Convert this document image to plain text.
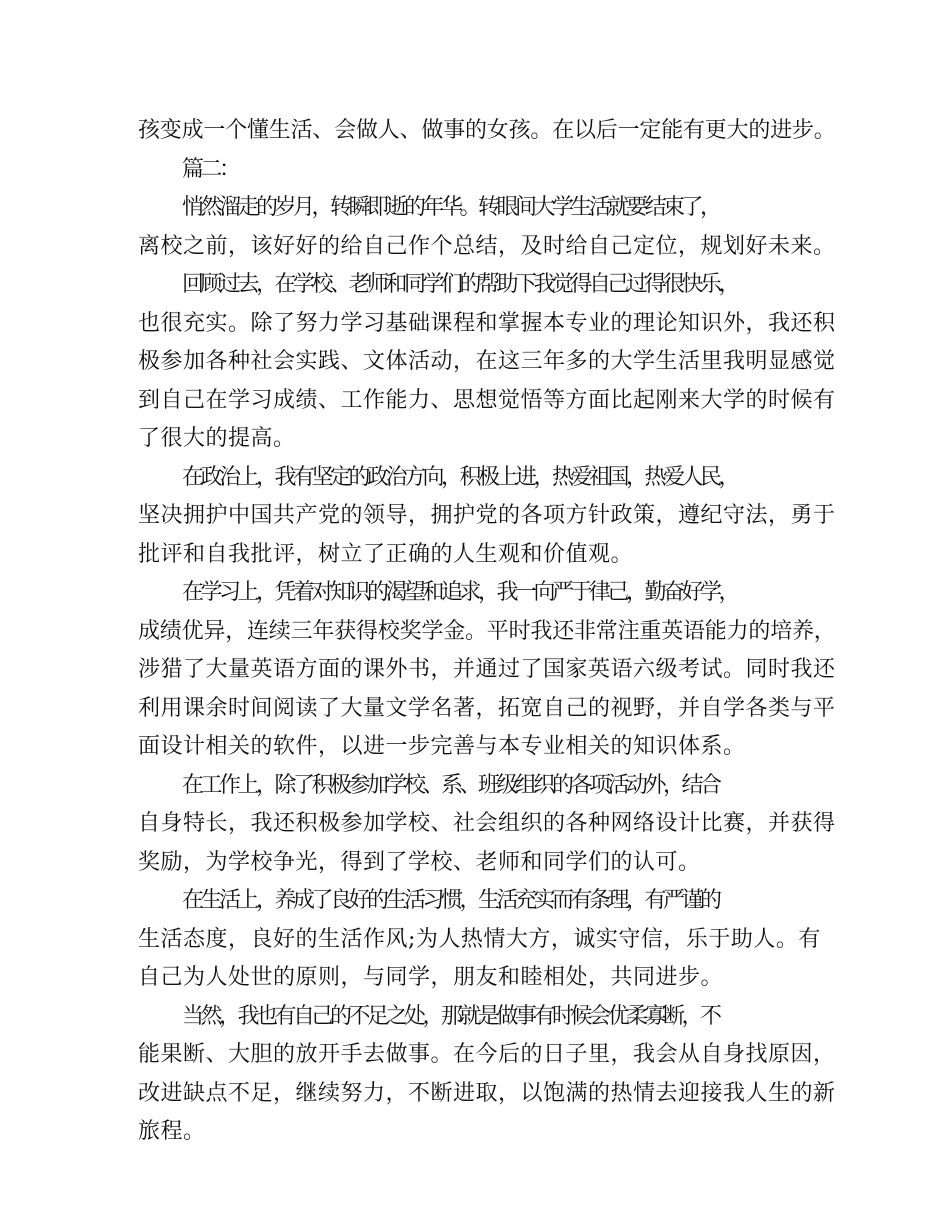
孩变成一个懂生活、会做人、做事的女孩。在以后一定能有更大的进步。
篇二：
悄然溜走的岁月，转瞬即逝的年华。转眼间大学生活就要结束了，
离校之前，该好好的给自己作个总结，及时给自己定位，规划好未来。
回顾过去，在学校、老师和同学们的帮助下我觉得自己过得很快乐，
也很充实。除了努力学习基础课程和掌握本专业的理论知识外，我还积
极参加各种社会实践、文体活动，在这三年多的大学生活里我明显感觉
到自己在学习成绩、工作能力、思想觉悟等方面比起刚来大学的时候有
了很大的提高。
在政治上，我有坚定的政治方向，积极上进，热爱祖国，热爱人民，
坚决拥护中国共产党的领导，拥护党的各项方针政策，遵纪守法，勇于
批评和自我批评，树立了正确的人生观和价值观。
在学习上，凭着对知识的渴望和追求，我一向严于律己，勤奋好学，
成绩优异，连续三年获得校奖学金。平时我还非常注重英语能力的培养，
涉猎了大量英语方面的课外书，并通过了国家英语六级考试。同时我还
利用课余时间阅读了大量文学名著，拓宽自己的视野，并自学各类与平
面设计相关的软件，以进一步完善与本专业相关的知识体系。
在工作上，除了积极参加学校、系、班级组织的各项活动外，结合
自身特长，我还积极参加学校、社会组织的各种网络设计比赛，并获得
奖励，为学校争光，得到了学校、老师和同学们的认可。
在生活上，养成了良好的生活习惯，生活充实而有条理，有严谨的
生活态度，良好的生活作风;为人热情大方，诚实守信，乐于助人。有
自己为人处世的原则，与同学，朋友和睦相处，共同进步。
当然，我也有自己的不足之处，那就是做事有时候会优柔寡断，不
能果断、大胆的放开手去做事。在今后的日子里，我会从自身找原因，
改进缺点不足，继续努力，不断进取，以饱满的热情去迎接我人生的新
旅程。
